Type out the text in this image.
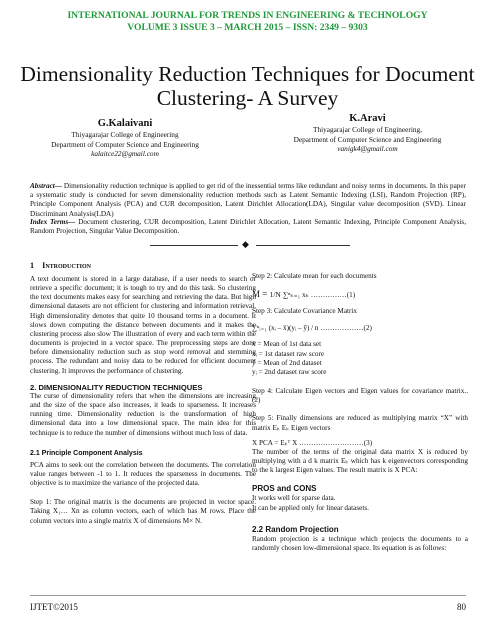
INTERNATIONAL JOURNAL FOR TRENDS IN ENGINEERING & TECHNOLOGY
VOLUME 3 ISSUE 3 – MARCH 2015 – ISSN: 2349 – 9303
Dimensionality Reduction Techniques for Document
Clustering- A Survey
G.Kalaivani
Thiyagarajar College of Engineering
Department of Computer Science and Engineering
kalaitce22@gmail.com
K.Aravi
Thiyagarajar College of Engineering,
Department of Computer Science and Engineering
vanigk4@gmail.com
Abstract— Dimensionality reduction technique is applied to get rid of the inessential terms like redundant and noisy terms in documents. In this paper a systematic study is conducted for seven dimensionality reduction methods such as Latent Semantic Indexing (LSI), Random Projection (RP), Principle Component Analysis (PCA) and CUR decomposition, Latent Dirichlet Allocation(LDA), Singular value decomposition (SVD). Linear Discriminant Analysis(LDA)
Index Terms— Document clustering, CUR decomposition, Latent Dirichlet Allocation, Latent Semantic Indexing, Principle Component Analysis, Random Projection, Singular Value Decomposition.
◆
1 Introduction
A text document is stored in a large database, if a user needs to search or retrieve a specific document; it is tough to try and do this task. So clustering the text documents makes easy for searching and retrieving the data. But high dimensional datasets are not efficient for clustering and information retrieval. High dimensionality denotes that quite 10 thousand terms in a document. It slows down computing the distance between documents and it makes the clustering process also slow The illustration of every and each term within the documents is projected in a vector space. The preprocessing steps are done before dimensionality reduction such as stop word removal and stemming process. The redundant and noisy data to be reduced for efficient document clustering. It improves the performance of clustering.
2. DIMENSIONALITY REDUCTION TECHNIQUES
The curse of dimensionality refers that when the dimensions are increasing and the size of the space also increases, it leads to sparseness. It increases running time. Dimensionality reduction is the transformation of high dimensional data into a low dimensional space. The main idea for this technique is to reduce the number of dimensions without much loss of data.
2.1 Principle Component Analysis
PCA aims to seek out the correlation between the documents. The correlation value ranges between -1 to 1. It reduces the sparseness in documents. The objective is to maximize the variance of the projected data.
Step 1: The original matrix is the documents are projected in vector space. Taking X₁… Xn as column vectors, each of which has M rows. Place the column vectors into a single matrix X of dimensions M× N.
Step 2: Calculate mean for each documents
M = 1/N ∑ⁿₖ₌₁ xₖ ……………(1)
Step 3: Calculate Covariance Matrix
∑ⁿᵢ₌₁ (xᵢ – x̄)(yᵢ – ȳ) / n ………………(2)
x̄ = Mean of 1st data set
xᵢ = 1st dataset raw score
ȳ = Mean of 2nd dataset
yᵢ = 2nd dataset raw score
Step 4: Calculate Eigen vectors and Eigen values for covariance matrix..(2)
Step 5: Finally dimensions are reduced as multiplying matrix “X” with matrix Eₖ Eₖ Eigen vectors
X PCA = Eₖᵀ X ………………………(3)
The number of the terms of the original data matrix X is reduced by multiplying with a d k matrix Eₖ which has k eigenvectors corresponding to the k largest Eigen values. The result matrix is X PCA:
PROS and CONS
It works well for sparse data.
It can be applied only for linear datasets.
2.2 Random Projection
Random projection is a technique which projects the documents to a randomly chosen low-dimensional space. Its equation is as follows:
IJTET©2015	80
